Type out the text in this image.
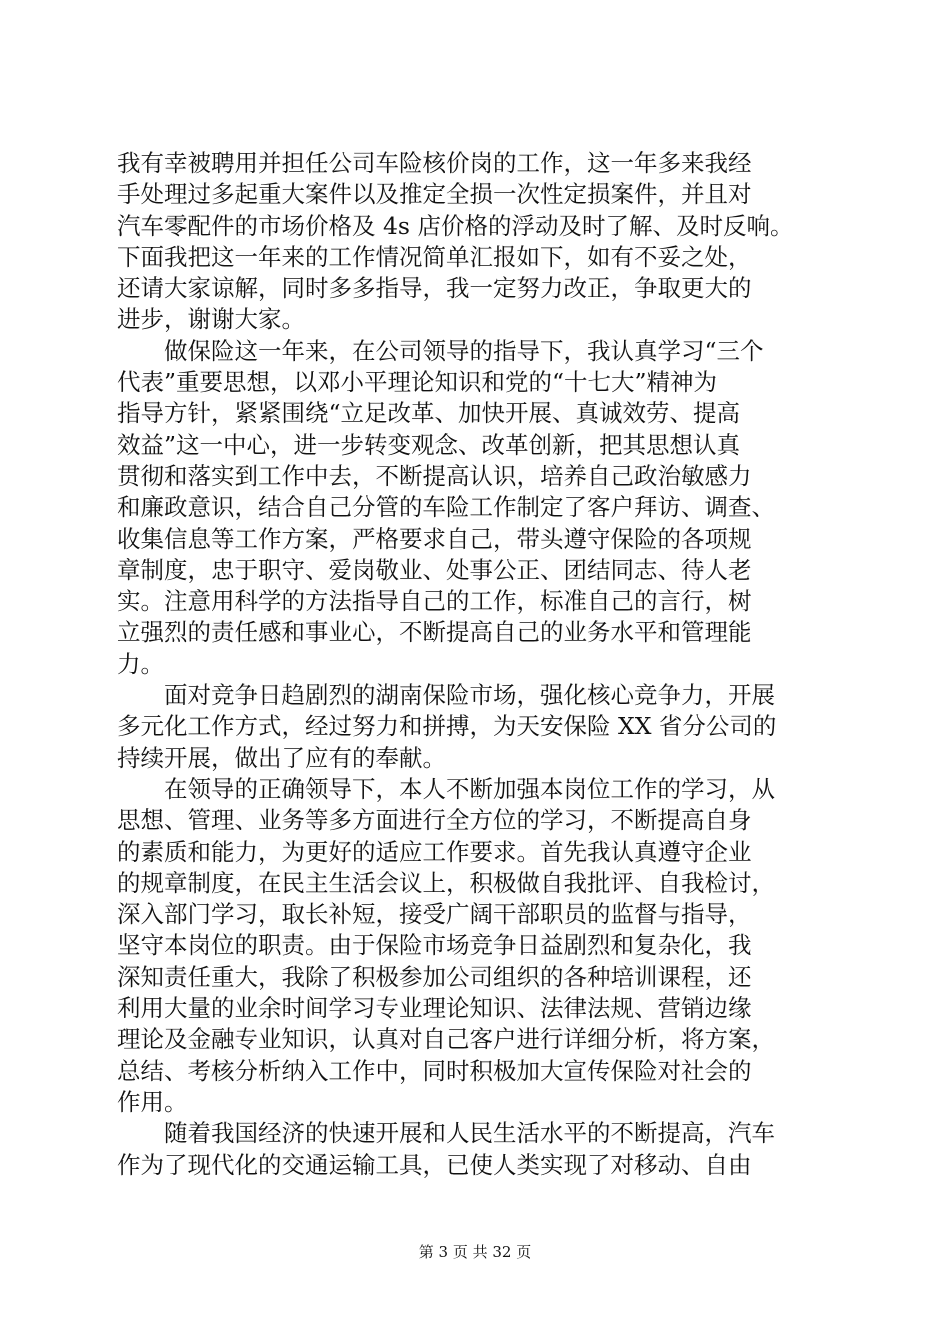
我有幸被聘用并担任公司车险核价岗的工作，这一年多来我经
手处理过多起重大案件以及推定全损一次性定损案件，并且对
汽车零配件的市场价格及 4s 店价格的浮动及时了解、及时反响。
下面我把这一年来的工作情况简单汇报如下，如有不妥之处，
还请大家谅解，同时多多指导，我一定努力改正，争取更大的
进步，谢谢大家。
　　做保险这一年来，在公司领导的指导下，我认真学习“三个
代表”重要思想，以邓小平理论知识和党的“十七大”精神为
指导方针，紧紧围绕“立足改革、加快开展、真诚效劳、提高
效益”这一中心，进一步转变观念、改革创新，把其思想认真
贯彻和落实到工作中去，不断提高认识，培养自己政治敏感力
和廉政意识，结合自己分管的车险工作制定了客户拜访、调查、
收集信息等工作方案，严格要求自己，带头遵守保险的各项规
章制度，忠于职守、爱岗敬业、处事公正、团结同志、待人老
实。注意用科学的方法指导自己的工作，标准自己的言行，树
立强烈的责任感和事业心，不断提高自己的业务水平和管理能
力。
　　面对竞争日趋剧烈的湖南保险市场，强化核心竞争力，开展
多元化工作方式，经过努力和拼搏，为天安保险 XX 省分公司的
持续开展，做出了应有的奉献。
　　在领导的正确领导下，本人不断加强本岗位工作的学习，从
思想、管理、业务等多方面进行全方位的学习，不断提高自身
的素质和能力，为更好的适应工作要求。首先我认真遵守企业
的规章制度，在民主生活会议上，积极做自我批评、自我检讨，
深入部门学习，取长补短，接受广阔干部职员的监督与指导，
坚守本岗位的职责。由于保险市场竞争日益剧烈和复杂化，我
深知责任重大，我除了积极参加公司组织的各种培训课程，还
利用大量的业余时间学习专业理论知识、法律法规、营销边缘
理论及金融专业知识，认真对自己客户进行详细分析，将方案，
总结、考核分析纳入工作中，同时积极加大宣传保险对社会的
作用。
　　随着我国经济的快速开展和人民生活水平的不断提高，汽车
作为了现代化的交通运输工具，已使人类实现了对移动、自由
第 3 页 共 32 页
